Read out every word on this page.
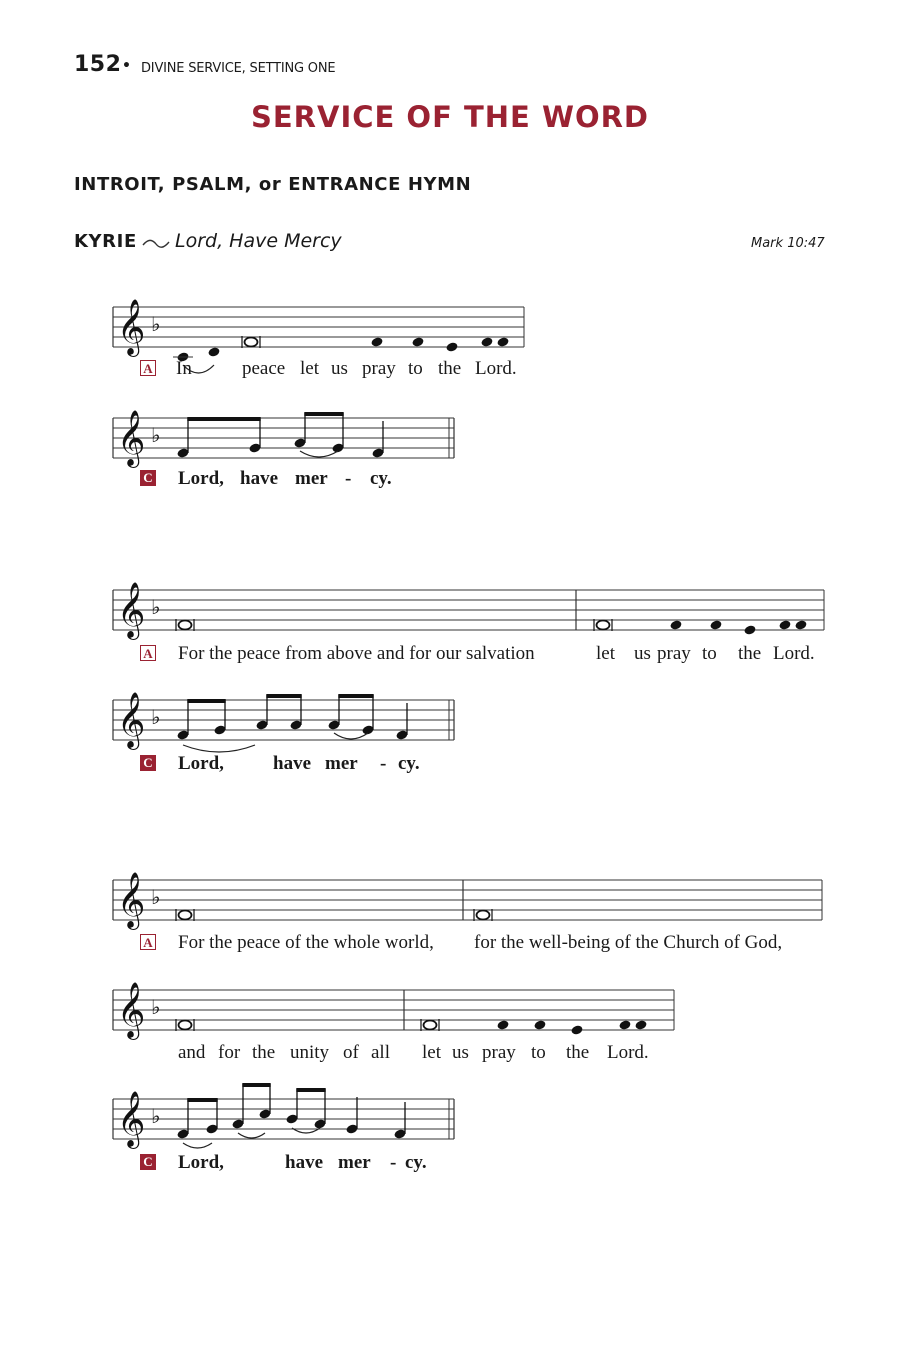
152 • DIVINE SERVICE, SETTING ONE
SERVICE OF THE WORD
INTROIT, PSALM, or ENTRANCE HYMN
KYRIE Lord, Have Mercy	Mark 10:47
𝄞 ♭
𝄞 ♭
𝄞 ♭
𝄞 ♭
𝄞 ♭
𝄞 ♭
𝄞 ♭
A In	peace let us pray to the Lord.
C Lord, have mer - cy.
A For the peace from above and for our salvation	let us pray to the Lord.
C Lord,	have mer - cy.
A For the peace of the whole world, for the well-being of the Church of God,
and for the unity of all let us pray to the Lord.
C Lord,	have mer - cy.
